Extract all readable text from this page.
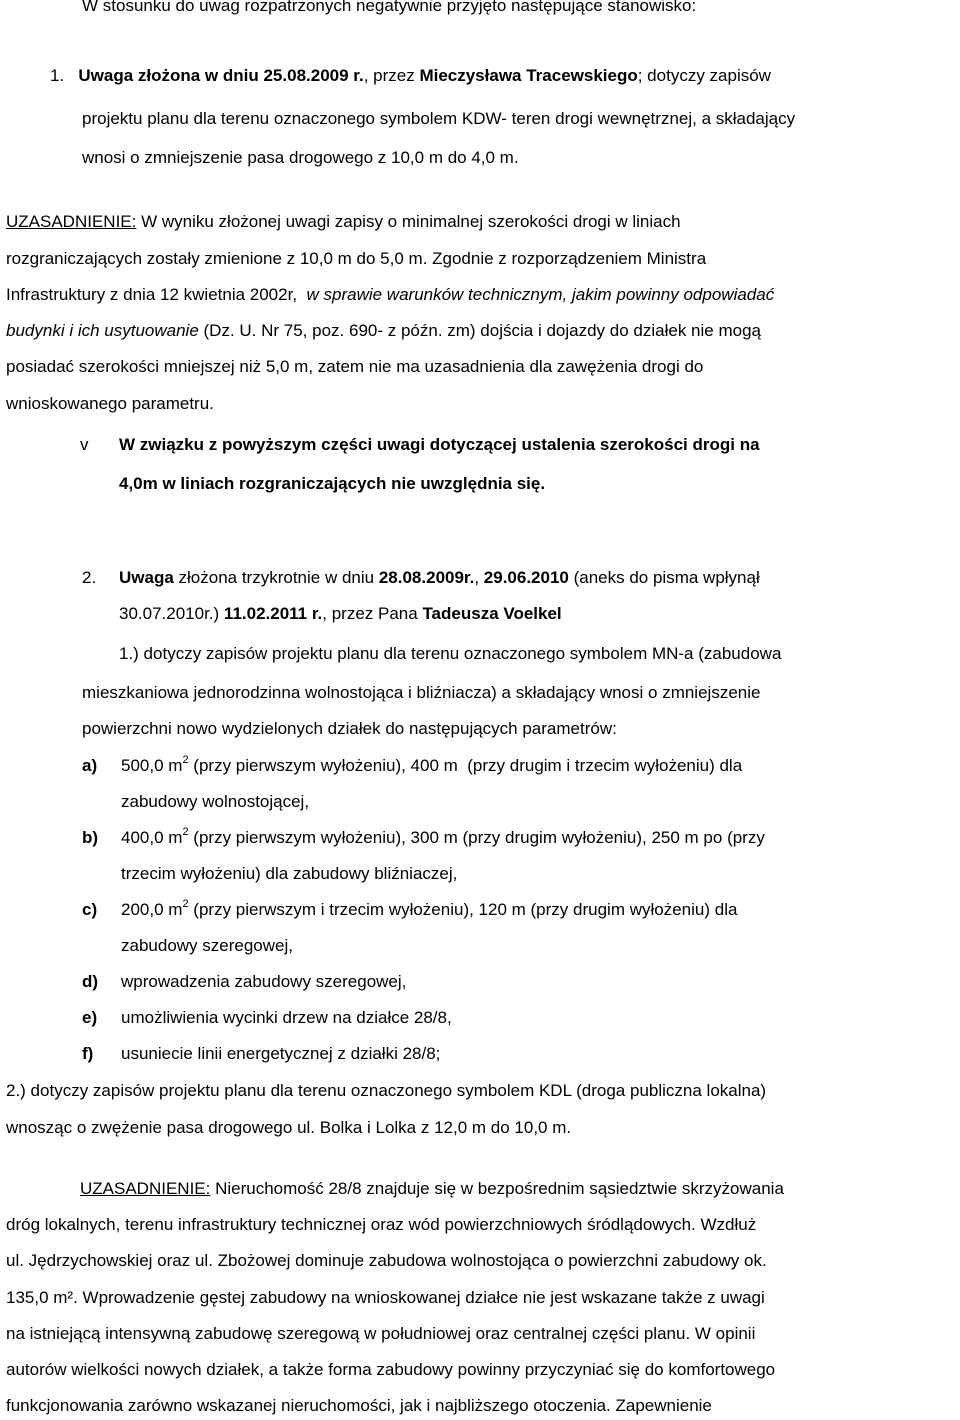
W stosunku do uwag rozpatrzonych negatywnie przyjęto następujące stanowisko:
1.   Uwaga złożona w dniu 25.08.2009 r., przez Mieczysława Tracewskiego; dotyczy zapisów
projektu planu dla terenu oznaczonego symbolem KDW- teren drogi wewnętrznej, a składający
wnosi o zmniejszenie pasa drogowego z 10,0 m do 4,0 m.
UZASADNIENIE: W wyniku złożonej uwagi zapisy o minimalnej szerokości drogi w liniach
rozgraniczających zostały zmienione z 10,0 m do 5,0 m. Zgodnie z rozporządzeniem Ministra
Infrastruktury z dnia 12 kwietnia 2002r,  w sprawie warunków technicznym, jakim powinny odpowiadać
budynki i ich usytuowanie (Dz. U. Nr 75, poz. 690- z późn. zm) dojścia i dojazdy do działek nie mogą
posiadać szerokości mniejszej niż 5,0 m, zatem nie ma uzasadnienia dla zawężenia drogi do
wnioskowanego parametru.
v W związku z powyższym części uwagi dotyczącej ustalenia szerokości drogi na
4,0m w liniach rozgraniczających nie uwzględnia się.
2. Uwaga złożona trzykrotnie w dniu 28.08.2009r., 29.06.2010 (aneks do pisma wpłynął
30.07.2010r.) 11.02.2011 r., przez Pana Tadeusza Voelkel
1.) dotyczy zapisów projektu planu dla terenu oznaczonego symbolem MN-a (zabudowa
mieszkaniowa jednorodzinna wolnostojąca i bliźniacza) a składający wnosi o zmniejszenie
powierzchni nowo wydzielonych działek do następujących parametrów:
a) 500,0 $m^2$ (przy pierwszym wyłożeniu), 400 m  (przy drugim i trzecim wyłożeniu) dla
zabudowy wolnostojącej,
b) 400,0 $m^2$ (przy pierwszym wyłożeniu), 300 m (przy drugim wyłożeniu), 250 m po (przy
trzecim wyłożeniu) dla zabudowy bliźniaczej,
c) 200,0 $m^2$ (przy pierwszym i trzecim wyłożeniu), 120 m (przy drugim wyłożeniu) dla
zabudowy szeregowej,
d) wprowadzenia zabudowy szeregowej,
e) umożliwienia wycinki drzew na działce 28/8,
f) usuniecie linii energetycznej z działki 28/8;
2.) dotyczy zapisów projektu planu dla terenu oznaczonego symbolem KDL (droga publiczna lokalna)
wnosząc o zwężenie pasa drogowego ul. Bolka i Lolka z 12,0 m do 10,0 m.
UZASADNIENIE: Nieruchomość 28/8 znajduje się w bezpośrednim sąsiedztwie skrzyżowania
dróg lokalnych, terenu infrastruktury technicznej oraz wód powierzchniowych śródlądowych. Wzdłuż
ul. Jędrzychowskiej oraz ul. Zbożowej dominuje zabudowa wolnostojąca o powierzchni zabudowy ok.
135,0 m². Wprowadzenie gęstej zabudowy na wnioskowanej działce nie jest wskazane także z uwagi
na istniejącą intensywną zabudowę szeregową w południowej oraz centralnej części planu. W opinii
autorów wielkości nowych działek, a także forma zabudowy powinny przyczyniać się do komfortowego
funkcjonowania zarówno wskazanej nieruchomości, jak i najbliższego otoczenia. Zapewnienie
